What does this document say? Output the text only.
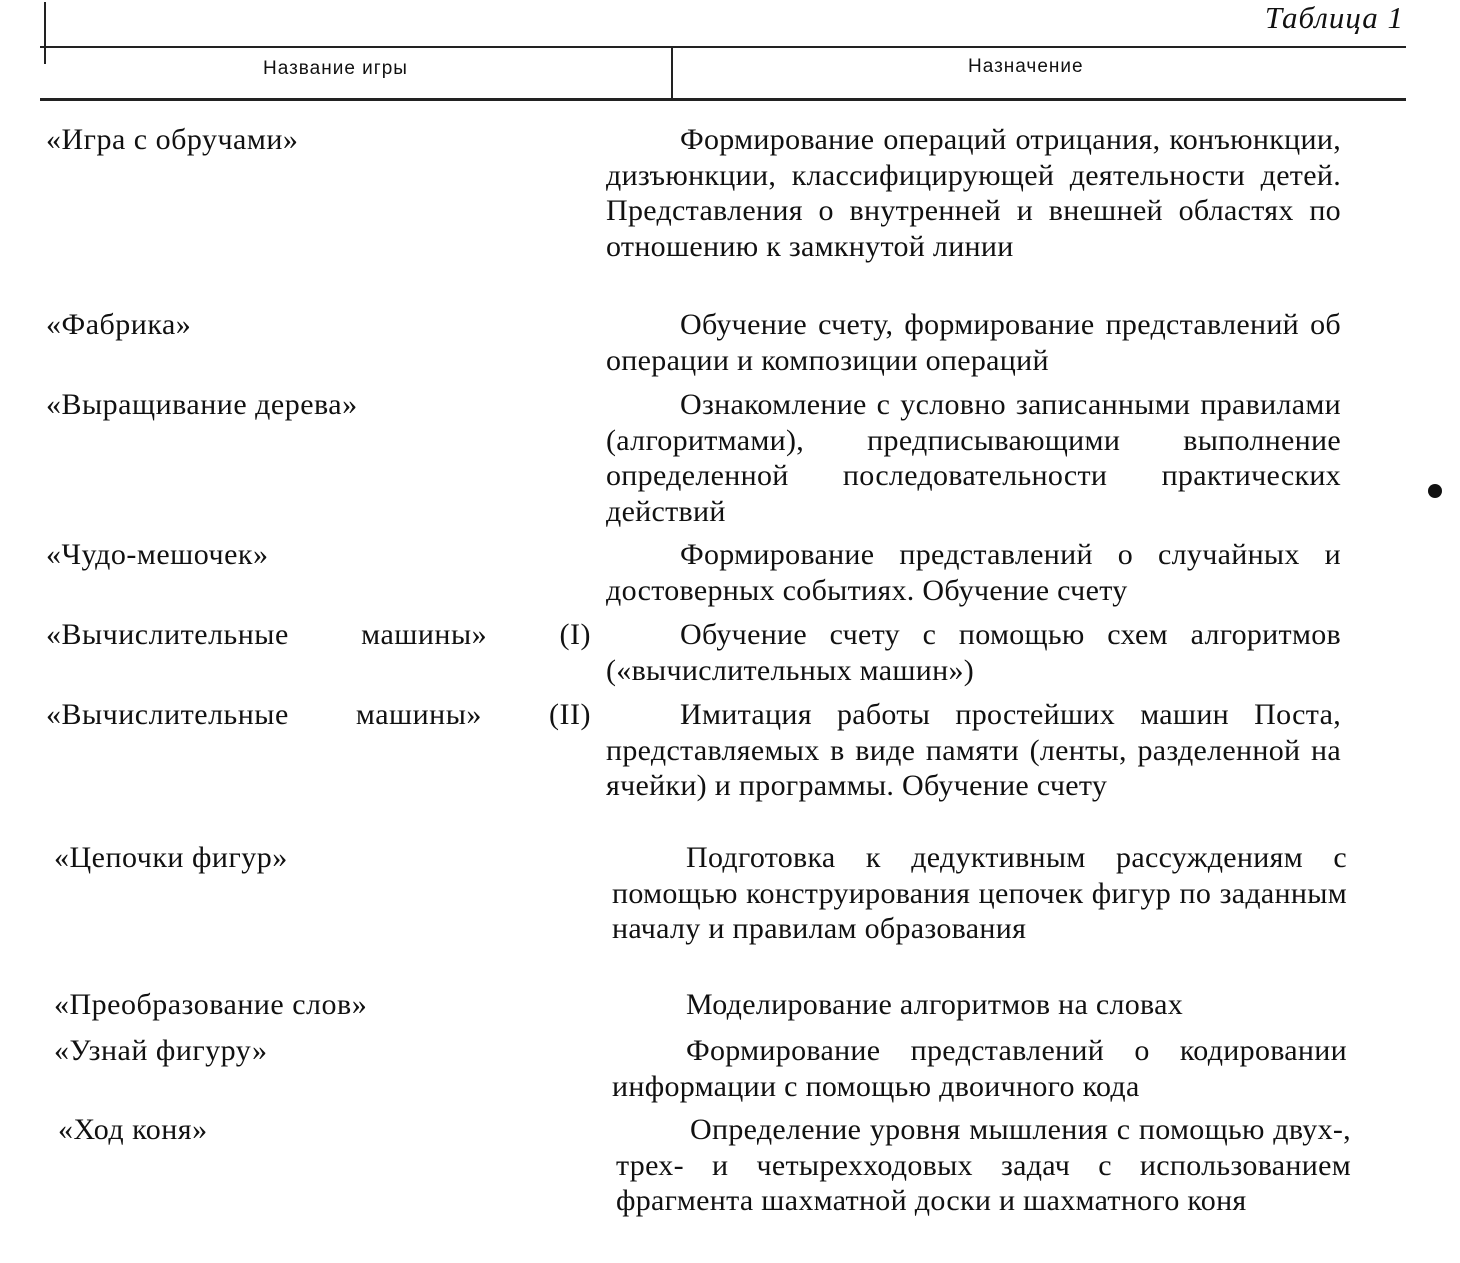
Таблица 1
Название игры	Назначение
«Игра с обручами»	Формирование операций отрицания, конъюнкции, дизъюнкции, классифицирующей деятельности детей. Представления о внутренней и внешней областях по отношению к замкнутой линии
«Фабрика»	Обучение счету, формирование представлений об операции и композиции операций
«Выращивание дерева»	Ознакомление с условно записанными правилами (алгоритмами), предписывающими выполнение определенной последовательности практических действий
«Чудо-мешочек»	Формирование представлений о случайных и достоверных событиях. Обучение счету
«Вычислительные машины» (I)	Обучение счету с помощью схем алгоритмов («вычислительных машин»)
«Вычислительные машины» (II)	Имитация работы простейших машин Поста, представляемых в виде памяти (ленты, разделенной на ячейки) и программы. Обучение счету
«Цепочки фигур»	Подготовка к дедуктивным рассуждениям с помощью конструирования цепочек фигур по заданным началу и правилам образования
«Преобразование слов»	Моделирование алгоритмов на словах
«Узнай фигуру»	Формирование представлений о кодировании информации с помощью двоичного кода
«Ход коня»	Определение уровня мышления с помощью двух-, трех- и четырехходовых задач с использованием фрагмента шахматной доски и шахматного коня
